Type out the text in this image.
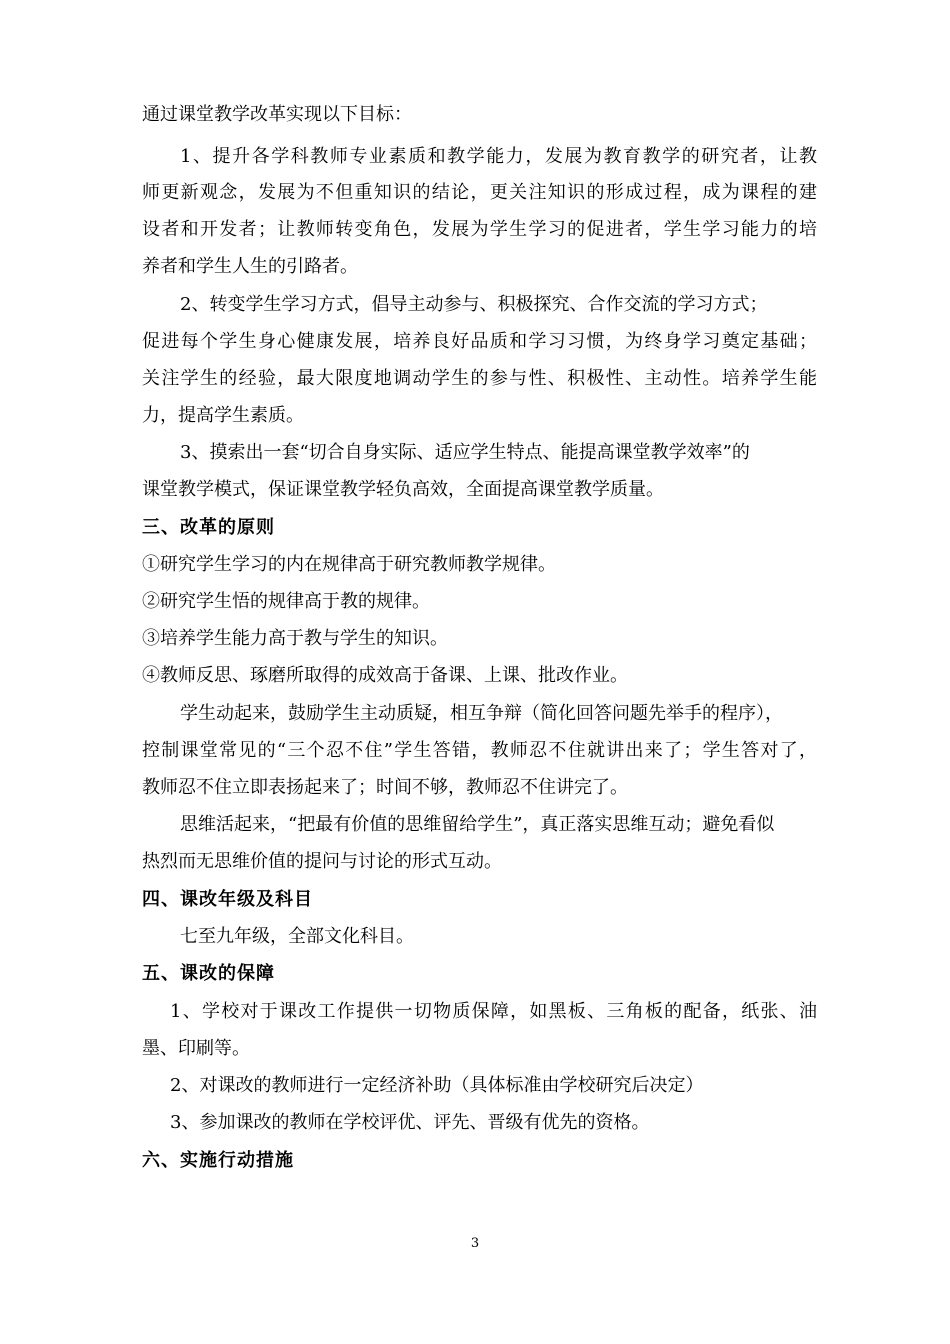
通过课堂教学改革实现以下目标：

1、提升各学科教师专业素质和教学能力，发展为教育教学的研究者，让教

师更新观念，发展为不但重知识的结论，更关注知识的形成过程，成为课程的建

设者和开发者；让教师转变角色，发展为学生学习的促进者，学生学习能力的培

养者和学生人生的引路者。

2、转变学生学习方式，倡导主动参与、积极探究、合作交流的学习方式；

促进每个学生身心健康发展，培养良好品质和学习习惯，为终身学习奠定基础；

关注学生的经验，最大限度地调动学生的参与性、积极性、主动性。培养学生能

力，提高学生素质。

3、摸索出一套“切合自身实际、适应学生特点、能提高课堂教学效率”的

课堂教学模式，保证课堂教学轻负高效，全面提高课堂教学质量。

三、改革的原则

①研究学生学习的内在规律高于研究教师教学规律。

②研究学生悟的规律高于教的规律。

③培养学生能力高于教与学生的知识。

④教师反思、琢磨所取得的成效高于备课、上课、批改作业。

学生动起来，鼓励学生主动质疑，相互争辩（简化回答问题先举手的程序），

控制课堂常见的“三个忍不住”学生答错，教师忍不住就讲出来了；学生答对了，

教师忍不住立即表扬起来了；时间不够，教师忍不住讲完了。

思维活起来，“把最有价值的思维留给学生”，真正落实思维互动；避免看似

热烈而无思维价值的提问与讨论的形式互动。

四、课改年级及科目

七至九年级，全部文化科目。

五、课改的保障

1、学校对于课改工作提供一切物质保障，如黑板、三角板的配备，纸张、油

墨、印刷等。

2、对课改的教师进行一定经济补助（具体标准由学校研究后决定）

3、参加课改的教师在学校评优、评先、晋级有优先的资格。

六、实施行动措施

3
